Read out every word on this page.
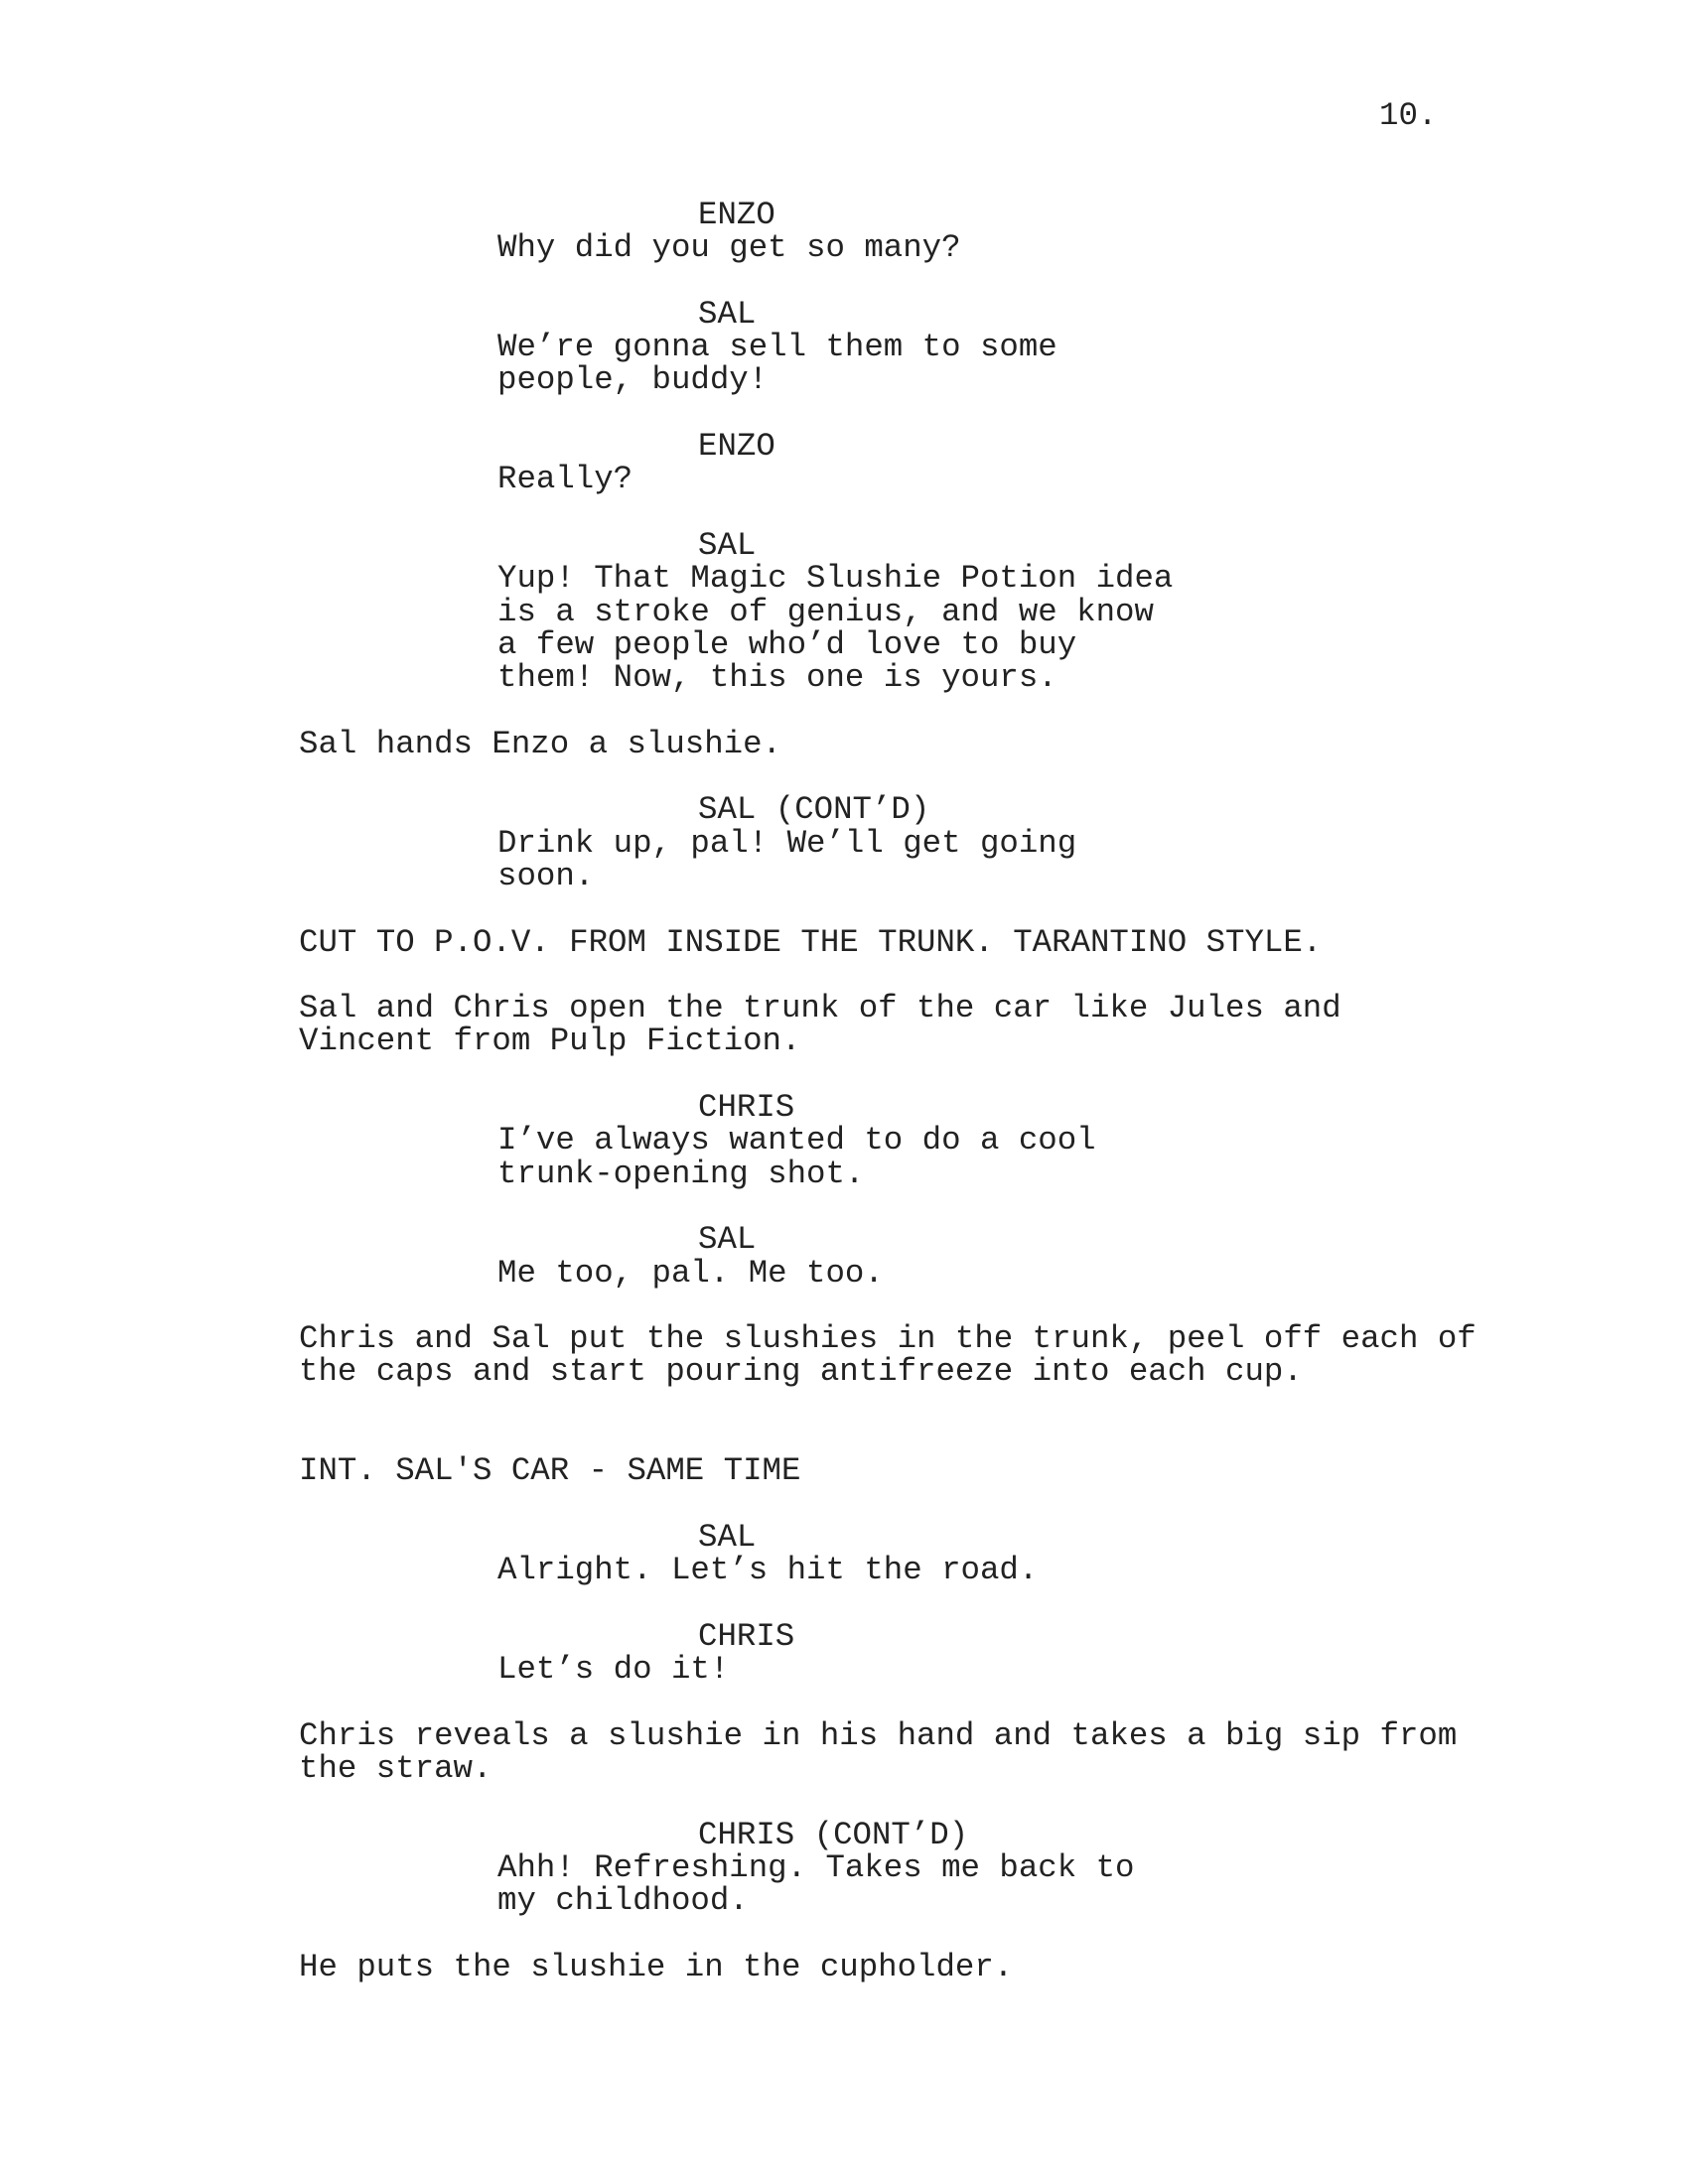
10.
ENZO
Why did you get so many?
SAL
We’re gonna sell them to some
people, buddy!
ENZO
Really?
SAL
Yup! That Magic Slushie Potion idea
is a stroke of genius, and we know
a few people who’d love to buy
them! Now, this one is yours.
Sal hands Enzo a slushie.
SAL (CONT’D)
Drink up, pal! We’ll get going
soon.
CUT TO P.O.V. FROM INSIDE THE TRUNK. TARANTINO STYLE.
Sal and Chris open the trunk of the car like Jules and
Vincent from Pulp Fiction.
CHRIS
I’ve always wanted to do a cool
trunk-opening shot.
SAL
Me too, pal. Me too.
Chris and Sal put the slushies in the trunk, peel off each of
the caps and start pouring antifreeze into each cup.
INT. SAL'S CAR - SAME TIME
SAL
Alright. Let’s hit the road.
CHRIS
Let’s do it!
Chris reveals a slushie in his hand and takes a big sip from
the straw.
CHRIS (CONT’D)
Ahh! Refreshing. Takes me back to
my childhood.
He puts the slushie in the cupholder.
